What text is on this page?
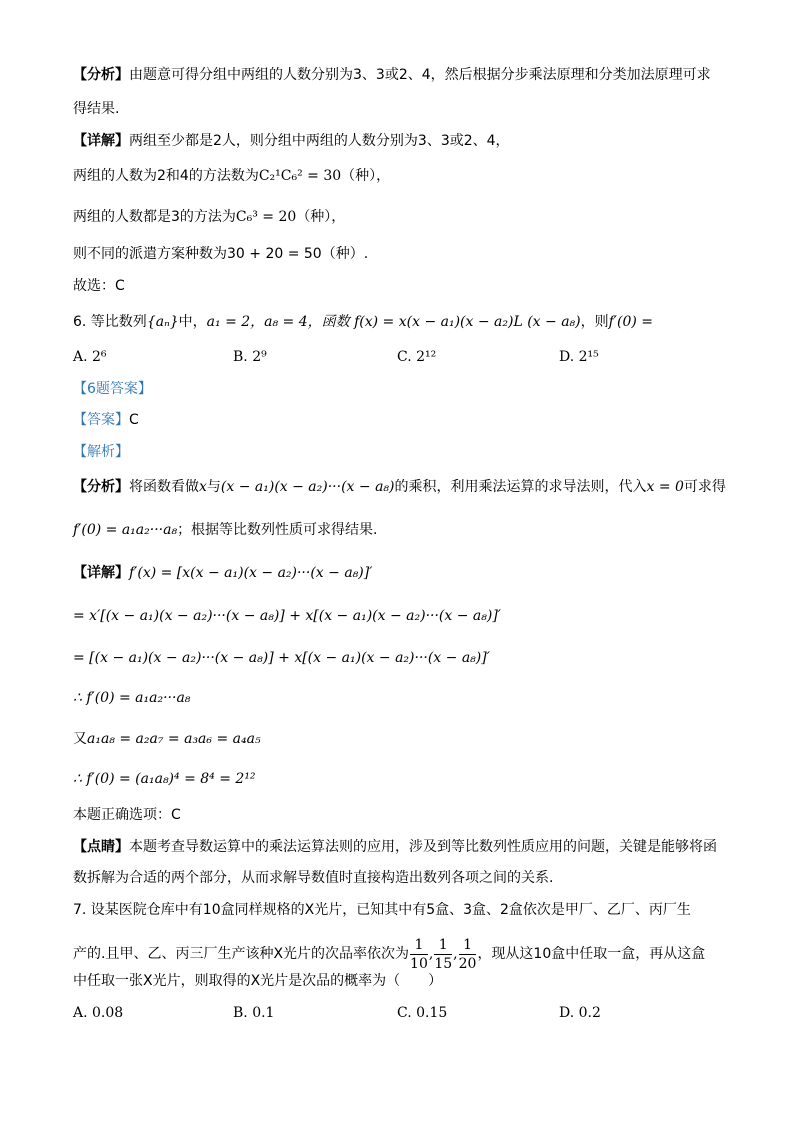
【分析】由题意可得分组中两组的人数分别为3、3或2、4，然后根据分步乘法原理和分类加法原理可求
得结果.
【详解】两组至少都是2人，则分组中两组的人数分别为3、3或2、4，
两组的人数为2和4的方法数为C₂¹C₆² = 30（种），
两组的人数都是3的方法为C₆³ = 20（种），
则不同的派遣方案种数为30 + 20 = 50（种）.
故选：C
6. 等比数列{aₙ}中，a₁ = 2，a₈ = 4，函数 f(x) = x(x − a₁)(x − a₂)L (x − a₈)，则f′(0) =
A. 2⁶	B. 2⁹	C. 2¹²	D. 2¹⁵
【6题答案】
【答案】C
【解析】
【分析】将函数看做x与(x − a₁)(x − a₂)···(x − a₈)的乘积，利用乘法运算的求导法则，代入x = 0可求得
f′(0) = a₁a₂···a₈；根据等比数列性质可求得结果.
【详解】f′(x) = [x(x − a₁)(x − a₂)···(x − a₈)]′
= x′[(x − a₁)(x − a₂)···(x − a₈)] + x[(x − a₁)(x − a₂)···(x − a₈)]′
= [(x − a₁)(x − a₂)···(x − a₈)] + x[(x − a₁)(x − a₂)···(x − a₈)]′
∴ f′(0) = a₁a₂···a₈
又a₁a₈ = a₂a₇ = a₃a₆ = a₄a₅
∴ f′(0) = (a₁a₈)⁴ = 8⁴ = 2¹²
本题正确选项：C
【点睛】本题考查导数运算中的乘法运算法则的应用，涉及到等比数列性质应用的问题，关键是能够将函
数拆解为合适的两个部分，从而求解导数值时直接构造出数列各项之间的关系.
7. 设某医院仓库中有10盒同样规格的X光片，已知其中有5盒、3盒、2盒依次是甲厂、乙厂、丙厂生
产的.且甲、乙、丙三厂生产该种X光片的次品率依次为 $\frac{1}{10}$ , $\frac{1}{15}$ , $\frac{1}{20}$ ，现从这10盒中任取一盒，再从这盒
中任取一张X光片，则取得的X光片是次品的概率为（　　）
A. 0.08	B. 0.1	C. 0.15	D. 0.2
